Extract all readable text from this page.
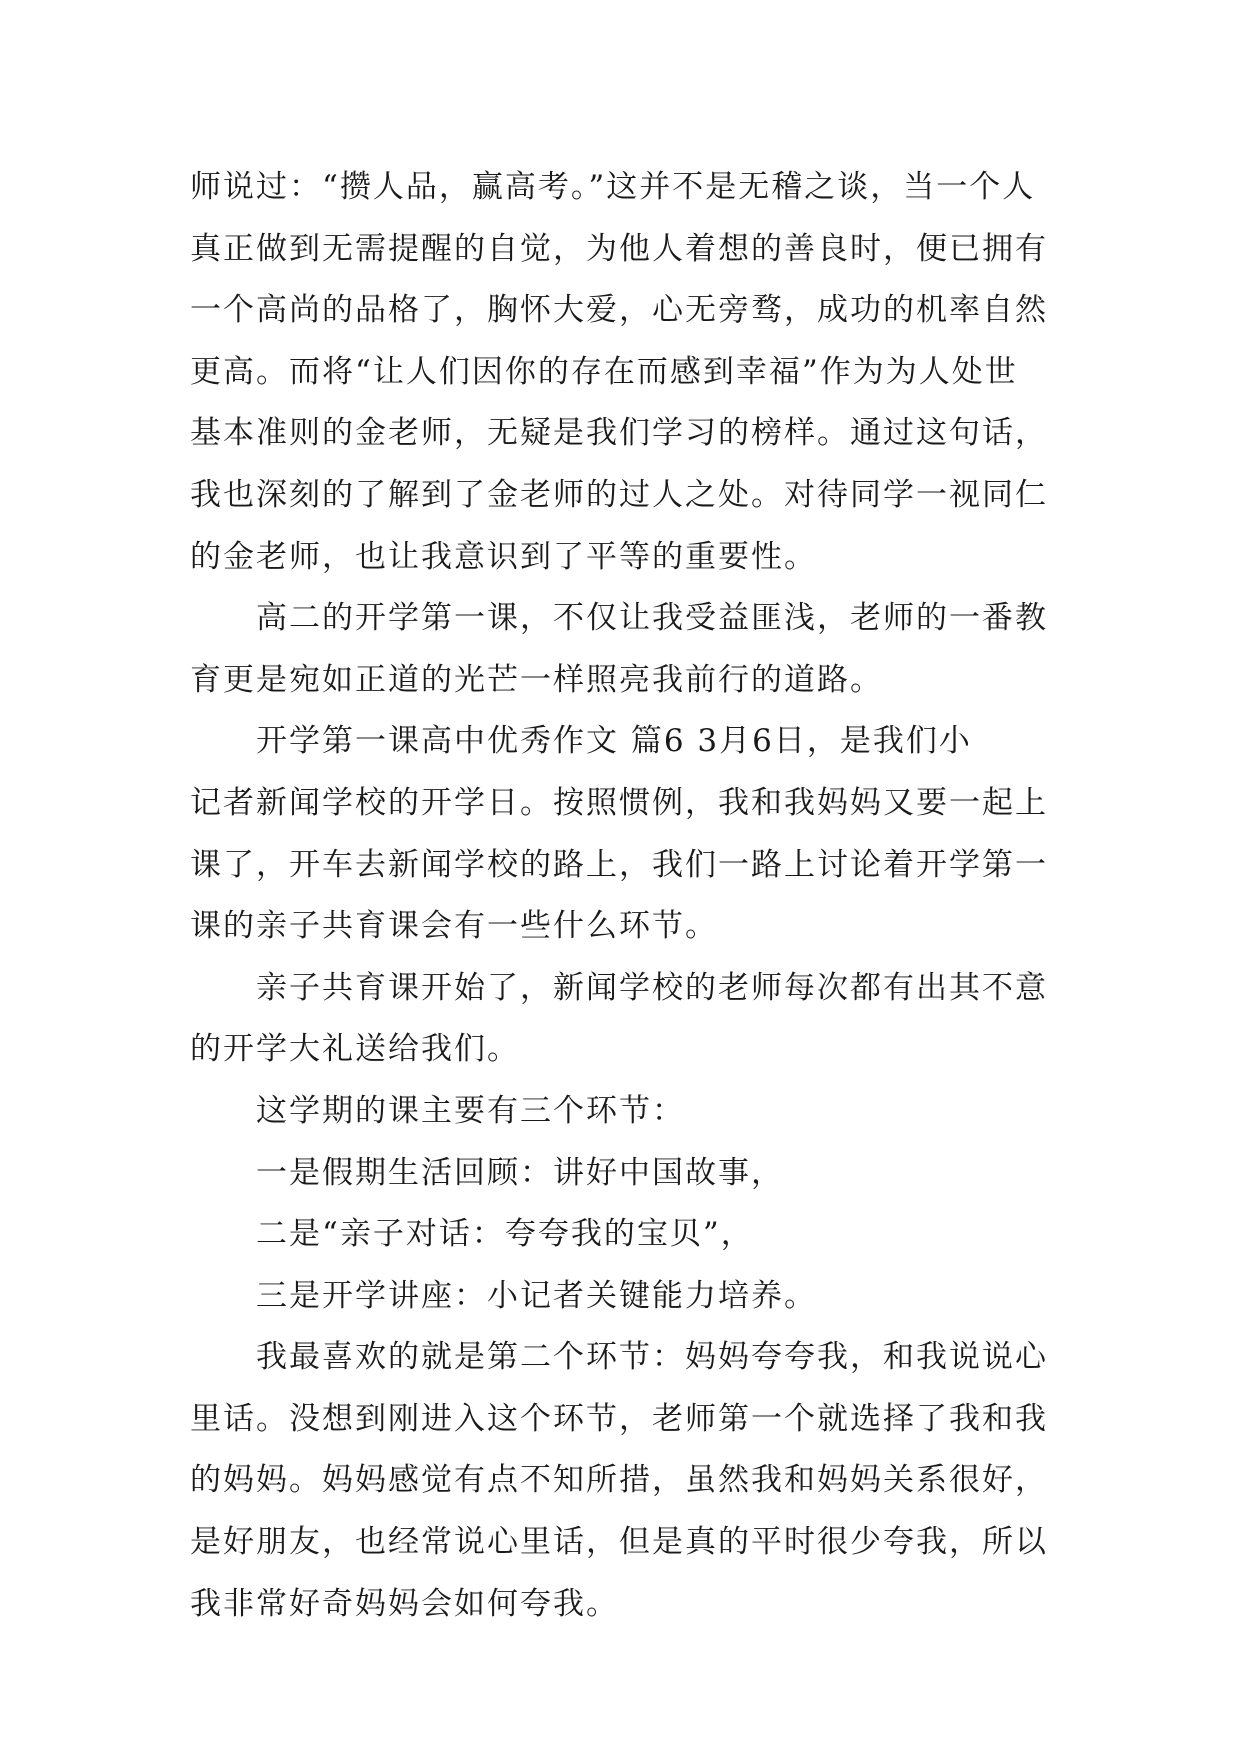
师说过：“攒人品，赢高考。”这并不是无稽之谈，当一个人
真正做到无需提醒的自觉，为他人着想的善良时，便已拥有
一个高尚的品格了，胸怀大爱，心无旁骛，成功的机率自然
更高。而将“让人们因你的存在而感到幸福”作为为人处世
基本准则的金老师，无疑是我们学习的榜样。通过这句话，
我也深刻的了解到了金老师的过人之处。对待同学一视同仁
的金老师，也让我意识到了平等的重要性。
高二的开学第一课，不仅让我受益匪浅，老师的一番教
育更是宛如正道的光芒一样照亮我前行的道路。
开学第一课高中优秀作文 篇6 3月6日，是我们小
记者新闻学校的开学日。按照惯例，我和我妈妈又要一起上
课了，开车去新闻学校的路上，我们一路上讨论着开学第一
课的亲子共育课会有一些什么环节。
亲子共育课开始了，新闻学校的老师每次都有出其不意
的开学大礼送给我们。
这学期的课主要有三个环节：
一是假期生活回顾：讲好中国故事，
二是“亲子对话：夸夸我的宝贝”，
三是开学讲座：小记者关键能力培养。
我最喜欢的就是第二个环节：妈妈夸夸我，和我说说心
里话。没想到刚进入这个环节，老师第一个就选择了我和我
的妈妈。妈妈感觉有点不知所措，虽然我和妈妈关系很好，
是好朋友，也经常说心里话，但是真的平时很少夸我，所以
我非常好奇妈妈会如何夸我。
